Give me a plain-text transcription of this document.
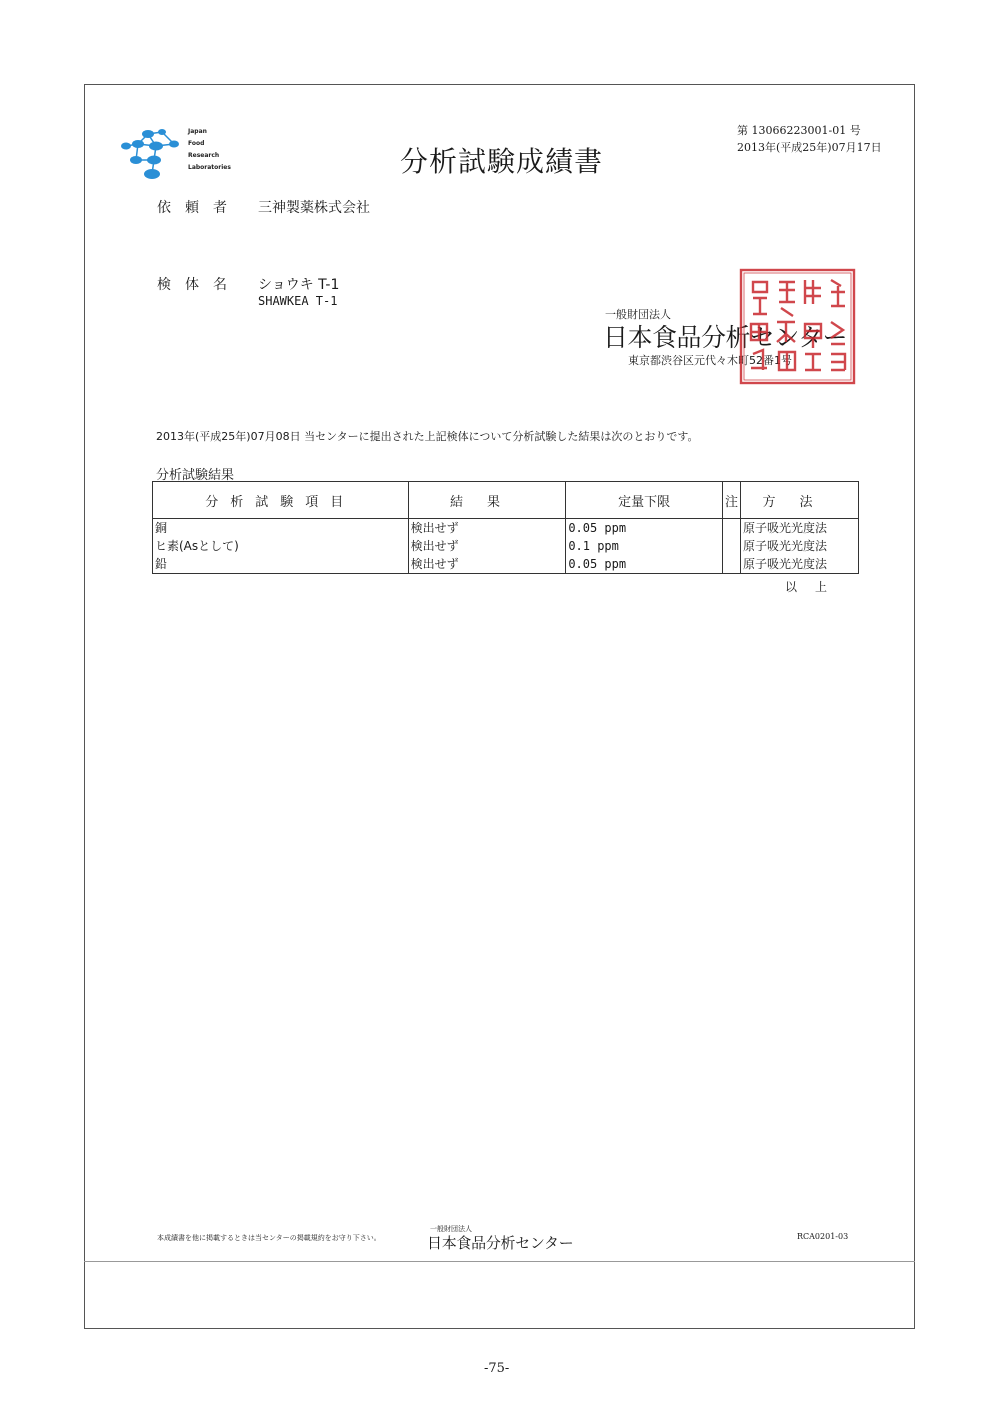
Japan
Food
Research
Laboratories	分析試験成績書
第 13066223001-01 号
2013年(平成25年)07月17日
依頼者 三神製薬株式会社
検体名 ショウキ T-1
SHAWKEA T-1
一般財団法人
日本食品分析センター
東京都渋谷区元代々木町52番1号
2013年(平成25年)07月08日 当センターに提出された上記検体について分析試験した結果は次のとおりです。
分析試験結果
分析試験項目	結果	定量下限	注	方法
銅	検出せず	0.05 ppm		原子吸光光度法
ヒ素(Asとして)	検出せず	0.1 ppm		原子吸光光度法
鉛	検出せず	0.05 ppm		原子吸光光度法
以上
本成績書を他に掲載するときは当センターの掲載規約をお守り下さい。
一般財団法人
日本食品分析センター	RCA0201-03
-75-
